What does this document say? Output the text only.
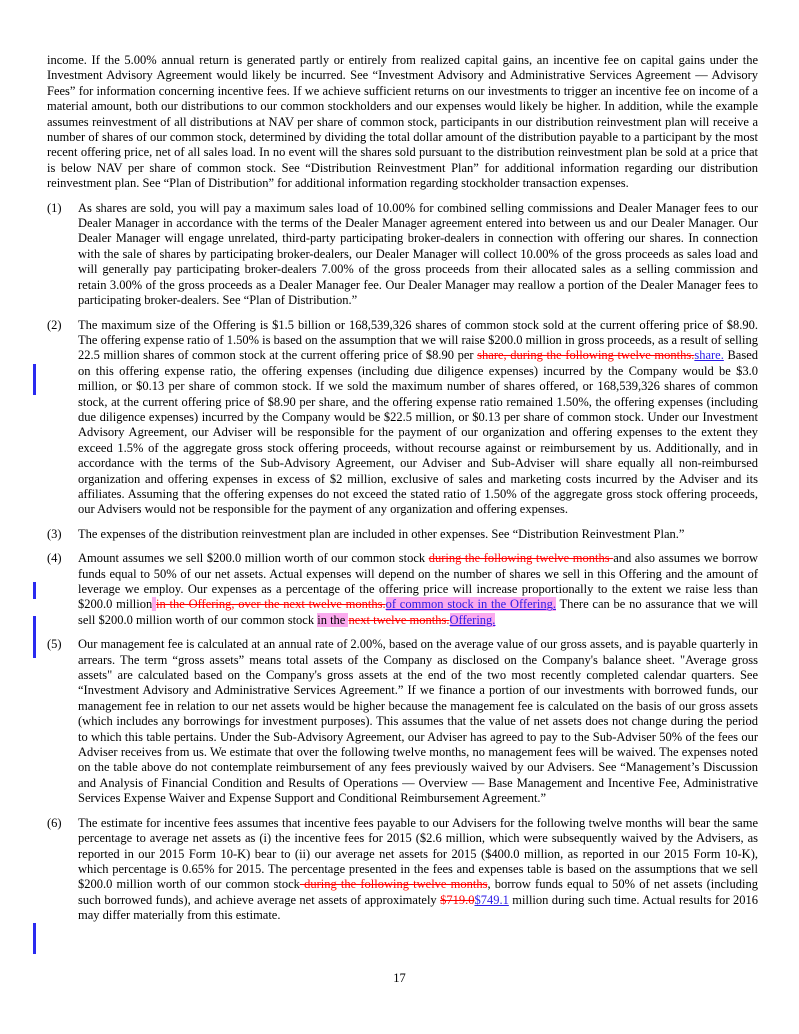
income. If the 5.00% annual return is generated partly or entirely from realized capital gains, an incentive fee on capital gains under the Investment Advisory Agreement would likely be incurred. See “Investment Advisory and Administrative Services Agreement — Advisory Fees” for information concerning incentive fees. If we achieve sufficient returns on our investments to trigger an incentive fee on income of a material amount, both our distributions to our common stockholders and our expenses would likely be higher. In addition, while the example assumes reinvestment of all distributions at NAV per share of common stock, participants in our distribution reinvestment plan will receive a number of shares of our common stock, determined by dividing the total dollar amount of the distribution payable to a participant by the most recent offering price, net of all sales load. In no event will the shares sold pursuant to the distribution reinvestment plan be sold at a price that is below NAV per share of common stock. See “Distribution Reinvestment Plan” for additional information regarding our distribution reinvestment plan. See “Plan of Distribution” for additional information regarding stockholder transaction expenses.

(1) As shares are sold, you will pay a maximum sales load of 10.00% for combined selling commissions and Dealer Manager fees to our Dealer Manager in accordance with the terms of the Dealer Manager agreement entered into between us and our Dealer Manager. Our Dealer Manager will engage unrelated, third-party participating broker-dealers in connection with offering our shares. In connection with the sale of shares by participating broker-dealers, our Dealer Manager will collect 10.00% of the gross proceeds as sales load and will generally pay participating broker-dealers 7.00% of the gross proceeds from their allocated sales as a selling commission and retain 3.00% of the gross proceeds as a Dealer Manager fee. Our Dealer Manager may reallow a portion of the Dealer Manager fees to participating broker-dealers. See “Plan of Distribution.”

(2) The maximum size of the Offering is $1.5 billion or 168,539,326 shares of common stock sold at the current offering price of $8.90. The offering expense ratio of 1.50% is based on the assumption that we will raise $200.0 million in gross proceeds, as a result of selling 22.5 million shares of common stock at the current offering price of $8.90 per share, during the following twelve months.share. Based on this offering expense ratio, the offering expenses (including due diligence expenses) incurred by the Company would be $3.0 million, or $0.13 per share of common stock. If we sold the maximum number of shares offered, or 168,539,326 shares of common stock, at the current offering price of $8.90 per share, and the offering expense ratio remained 1.50%, the offering expenses (including due diligence expenses) incurred by the Company would be $22.5 million, or $0.13 per share of common stock. Under our Investment Advisory Agreement, our Adviser will be responsible for the payment of our organization and offering expenses to the extent they exceed 1.5% of the aggregate gross stock offering proceeds, without recourse against or reimbursement by us. Additionally, and in accordance with the terms of the Sub-Advisory Agreement, our Adviser and Sub-Adviser will share equally all non-reimbursed organization and offering expenses in excess of $2 million, exclusive of sales and marketing costs incurred by the Adviser and its affiliates. Assuming that the offering expenses do not exceed the stated ratio of 1.50% of the aggregate gross stock offering proceeds, our Advisers would not be responsible for the payment of any organization and offering expenses.

(3) The expenses of the distribution reinvestment plan are included in other expenses. See “Distribution Reinvestment Plan.”

(4) Amount assumes we sell $200.0 million worth of our common stock during the following twelve months and also assumes we borrow funds equal to 50% of our net assets. Actual expenses will depend on the number of shares we sell in this Offering and the amount of leverage we employ. Our expenses as a percentage of the offering price will increase proportionally to the extent we raise less than $200.0 million in the Offering, over the next twelve months.of common stock in the Offering. There can be no assurance that we will sell $200.0 million worth of our common stock in the next twelve months.Offering.

(5) Our management fee is calculated at an annual rate of 2.00%, based on the average value of our gross assets, and is payable quarterly in arrears. The term “gross assets” means total assets of the Company as disclosed on the Company's balance sheet. "Average gross assets" are calculated based on the Company's gross assets at the end of the two most recently completed calendar quarters. See “Investment Advisory and Administrative Services Agreement.” If we finance a portion of our investments with borrowed funds, our management fee in relation to our net assets would be higher because the management fee is calculated on the basis of our gross assets (which includes any borrowings for investment purposes). This assumes that the value of net assets does not change during the period to which this table pertains. Under the Sub-Advisory Agreement, our Adviser has agreed to pay to the Sub-Adviser 50% of the fees our Adviser receives from us. We estimate that over the following twelve months, no management fees will be waived. The expenses noted on the table above do not contemplate reimbursement of any fees previously waived by our Advisers. See “Management’s Discussion and Analysis of Financial Condition and Results of Operations — Overview — Base Management and Incentive Fee, Administrative Services Expense Waiver and Expense Support and Conditional Reimbursement Agreement.”

(6) The estimate for incentive fees assumes that incentive fees payable to our Advisers for the following twelve months will bear the same percentage to average net assets as (i) the incentive fees for 2015 ($2.6 million, which were subsequently waived by the Advisers, as reported in our 2015 Form 10-K) bear to (ii) our average net assets for 2015 ($400.0 million, as reported in our 2015 Form 10-K), which percentage is 0.65% for 2015. The percentage presented in the fees and expenses table is based on the assumptions that we sell $200.0 million worth of our common stock during the following twelve months, borrow funds equal to 50% of net assets (including such borrowed funds), and achieve average net assets of approximately $719.0$749.1 million during such time. Actual results for 2016 may differ materially from this estimate.

17
